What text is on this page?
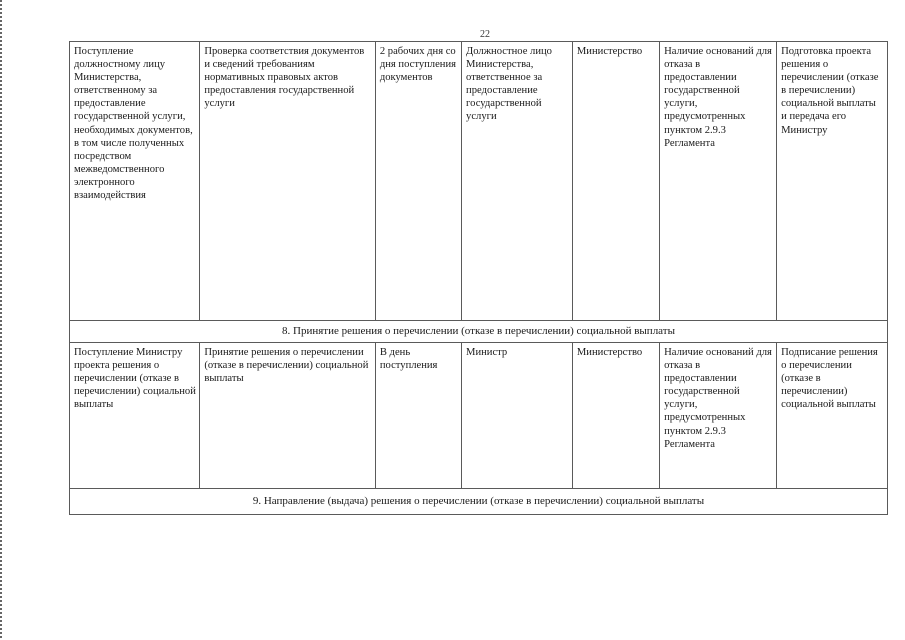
22
Поступление должностному лицу Министерства, ответственному за предоставление государственной услуги, необходимых документов, в том числе полученных посредством межведомственного электронного взаимодействия	Проверка соответствия документов и сведений требованиям нормативных правовых актов предоставления государственной услуги	2 рабочих дня со дня поступления документов	Должностное лицо Министерства, ответственное за предоставление государственной услуги	Министерство	Наличие оснований для отказа в предоставлении государственной услуги, предусмотренных пунктом 2.9.3 Регламента	Подготовка проекта решения о перечислении (отказе в перечислении) социальной выплаты и передача его Министру
8. Принятие решения о перечислении (отказе в перечислении) социальной выплаты						
Поступление Министру проекта решения о перечислении (отказе в перечислении) социальной выплаты	Принятие решения о перечислении (отказе в перечислении) социальной выплаты	В день поступления	Министр	Министерство	Наличие оснований для отказа в предоставлении государственной услуги, предусмотренных пунктом 2.9.3 Регламента	Подписание решения о перечислении (отказе в перечислении) социальной выплаты
9. Направление (выдача) решения о перечислении (отказе в перечислении) социальной выплаты						
